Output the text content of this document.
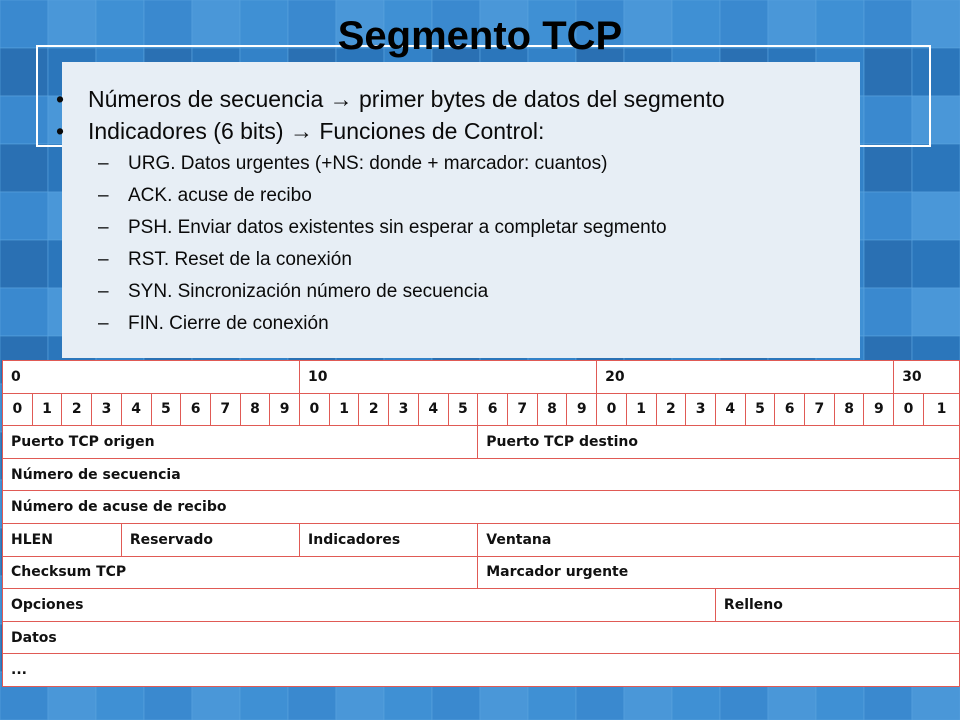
Segmento TCP
• Números de secuencia → primer bytes de datos del segmento
• Indicadores (6 bits) → Funciones de Control:
– URG. Datos urgentes (+NS: donde + marcador: cuantos)
– ACK. acuse de recibo
– PSH. Enviar datos existentes sin esperar a completar segmento
– RST. Reset de la conexión
– SYN. Sincronización número de secuencia
– FIN. Cierre de conexión
0										10										20										30	
0	1	2	3	4	5	6	7	8	9	0	1	2	3	4	5	6	7	8	9	0	1	2	3	4	5	6	7	8	9	0	1
Puerto TCP origen																Puerto TCP destino															
Número de secuencia																															
Número de acuse de recibo																															
HLEN				Reservado						Indicadores						Ventana															
Checksum TCP																Marcador urgente															
Opciones																								Relleno							
Datos																															
...																															
